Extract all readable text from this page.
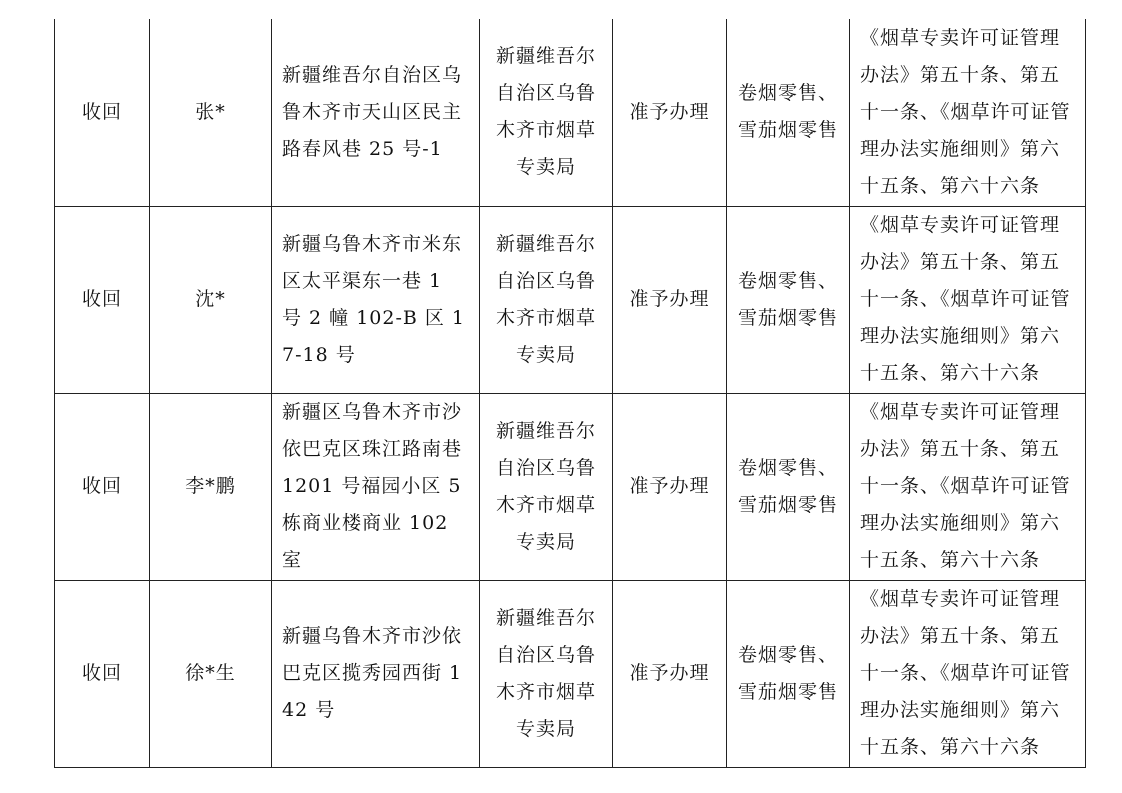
收回	张*	新疆维吾尔自治区乌鲁木齐市天山区民主路春风巷 25 号-1	新疆维吾尔自治区乌鲁木齐市烟草专卖局	准予办理	卷烟零售、雪茄烟零售	《烟草专卖许可证管理办法》第五十条、第五十一条、《烟草许可证管理办法实施细则》第六十五条、第六十六条
收回	沈*	新疆乌鲁木齐市米东区太平渠东一巷 1 号 2 幢 102-B 区 17-18 号	新疆维吾尔自治区乌鲁木齐市烟草专卖局	准予办理	卷烟零售、雪茄烟零售	《烟草专卖许可证管理办法》第五十条、第五十一条、《烟草许可证管理办法实施细则》第六十五条、第六十六条
收回	李*鹏	新疆区乌鲁木齐市沙依巴克区珠江路南巷 1201 号福园小区 5 栋商业楼商业 102 室	新疆维吾尔自治区乌鲁木齐市烟草专卖局	准予办理	卷烟零售、雪茄烟零售	《烟草专卖许可证管理办法》第五十条、第五十一条、《烟草许可证管理办法实施细则》第六十五条、第六十六条
收回	徐*生	新疆乌鲁木齐市沙依巴克区揽秀园西街 142 号	新疆维吾尔自治区乌鲁木齐市烟草专卖局	准予办理	卷烟零售、雪茄烟零售	《烟草专卖许可证管理办法》第五十条、第五十一条、《烟草许可证管理办法实施细则》第六十五条、第六十六条
